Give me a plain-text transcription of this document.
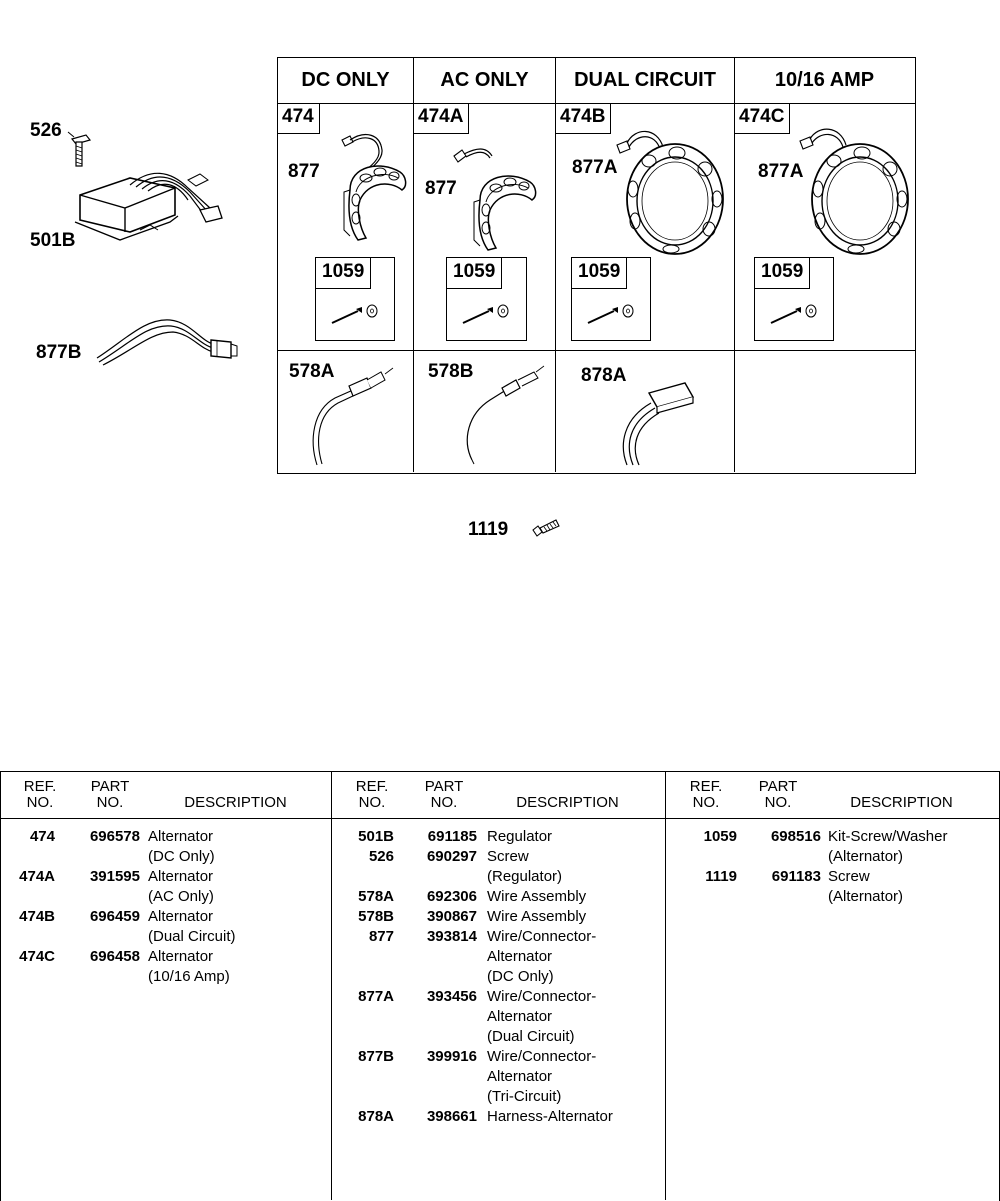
526
501B
877B
DC ONLY	AC ONLY	DUAL CIRCUIT	10/16 AMP
474	474A	474B	474C
877
877
877A	877A
1059	1059	1059	1059
578A	578B	878A
1119
REF.
NO.
PART
NO.	DESCRIPTION
474	696578 Alternator
(DC Only)
474A	391595 Alternator
(AC Only)
474B	696459 Alternator
(Dual Circuit)
474C	696458 Alternator
(10/16 Amp)
REF.
NO.
PART
NO.	DESCRIPTION
501B	691185 Regulator
526	690297 Screw
(Regulator)
578A	692306 Wire Assembly
578B	390867 Wire Assembly
877	393814 Wire/Connector-
Alternator
(DC Only)
877A	393456 Wire/Connector-
Alternator
(Dual Circuit)
877B	399916 Wire/Connector-
Alternator
(Tri-Circuit)
878A	398661 Harness-Alternator
REF.
NO.
PART
NO.	DESCRIPTION
1059	698516 Kit-Screw/Washer
(Alternator)
1119	691183 Screw
(Alternator)
